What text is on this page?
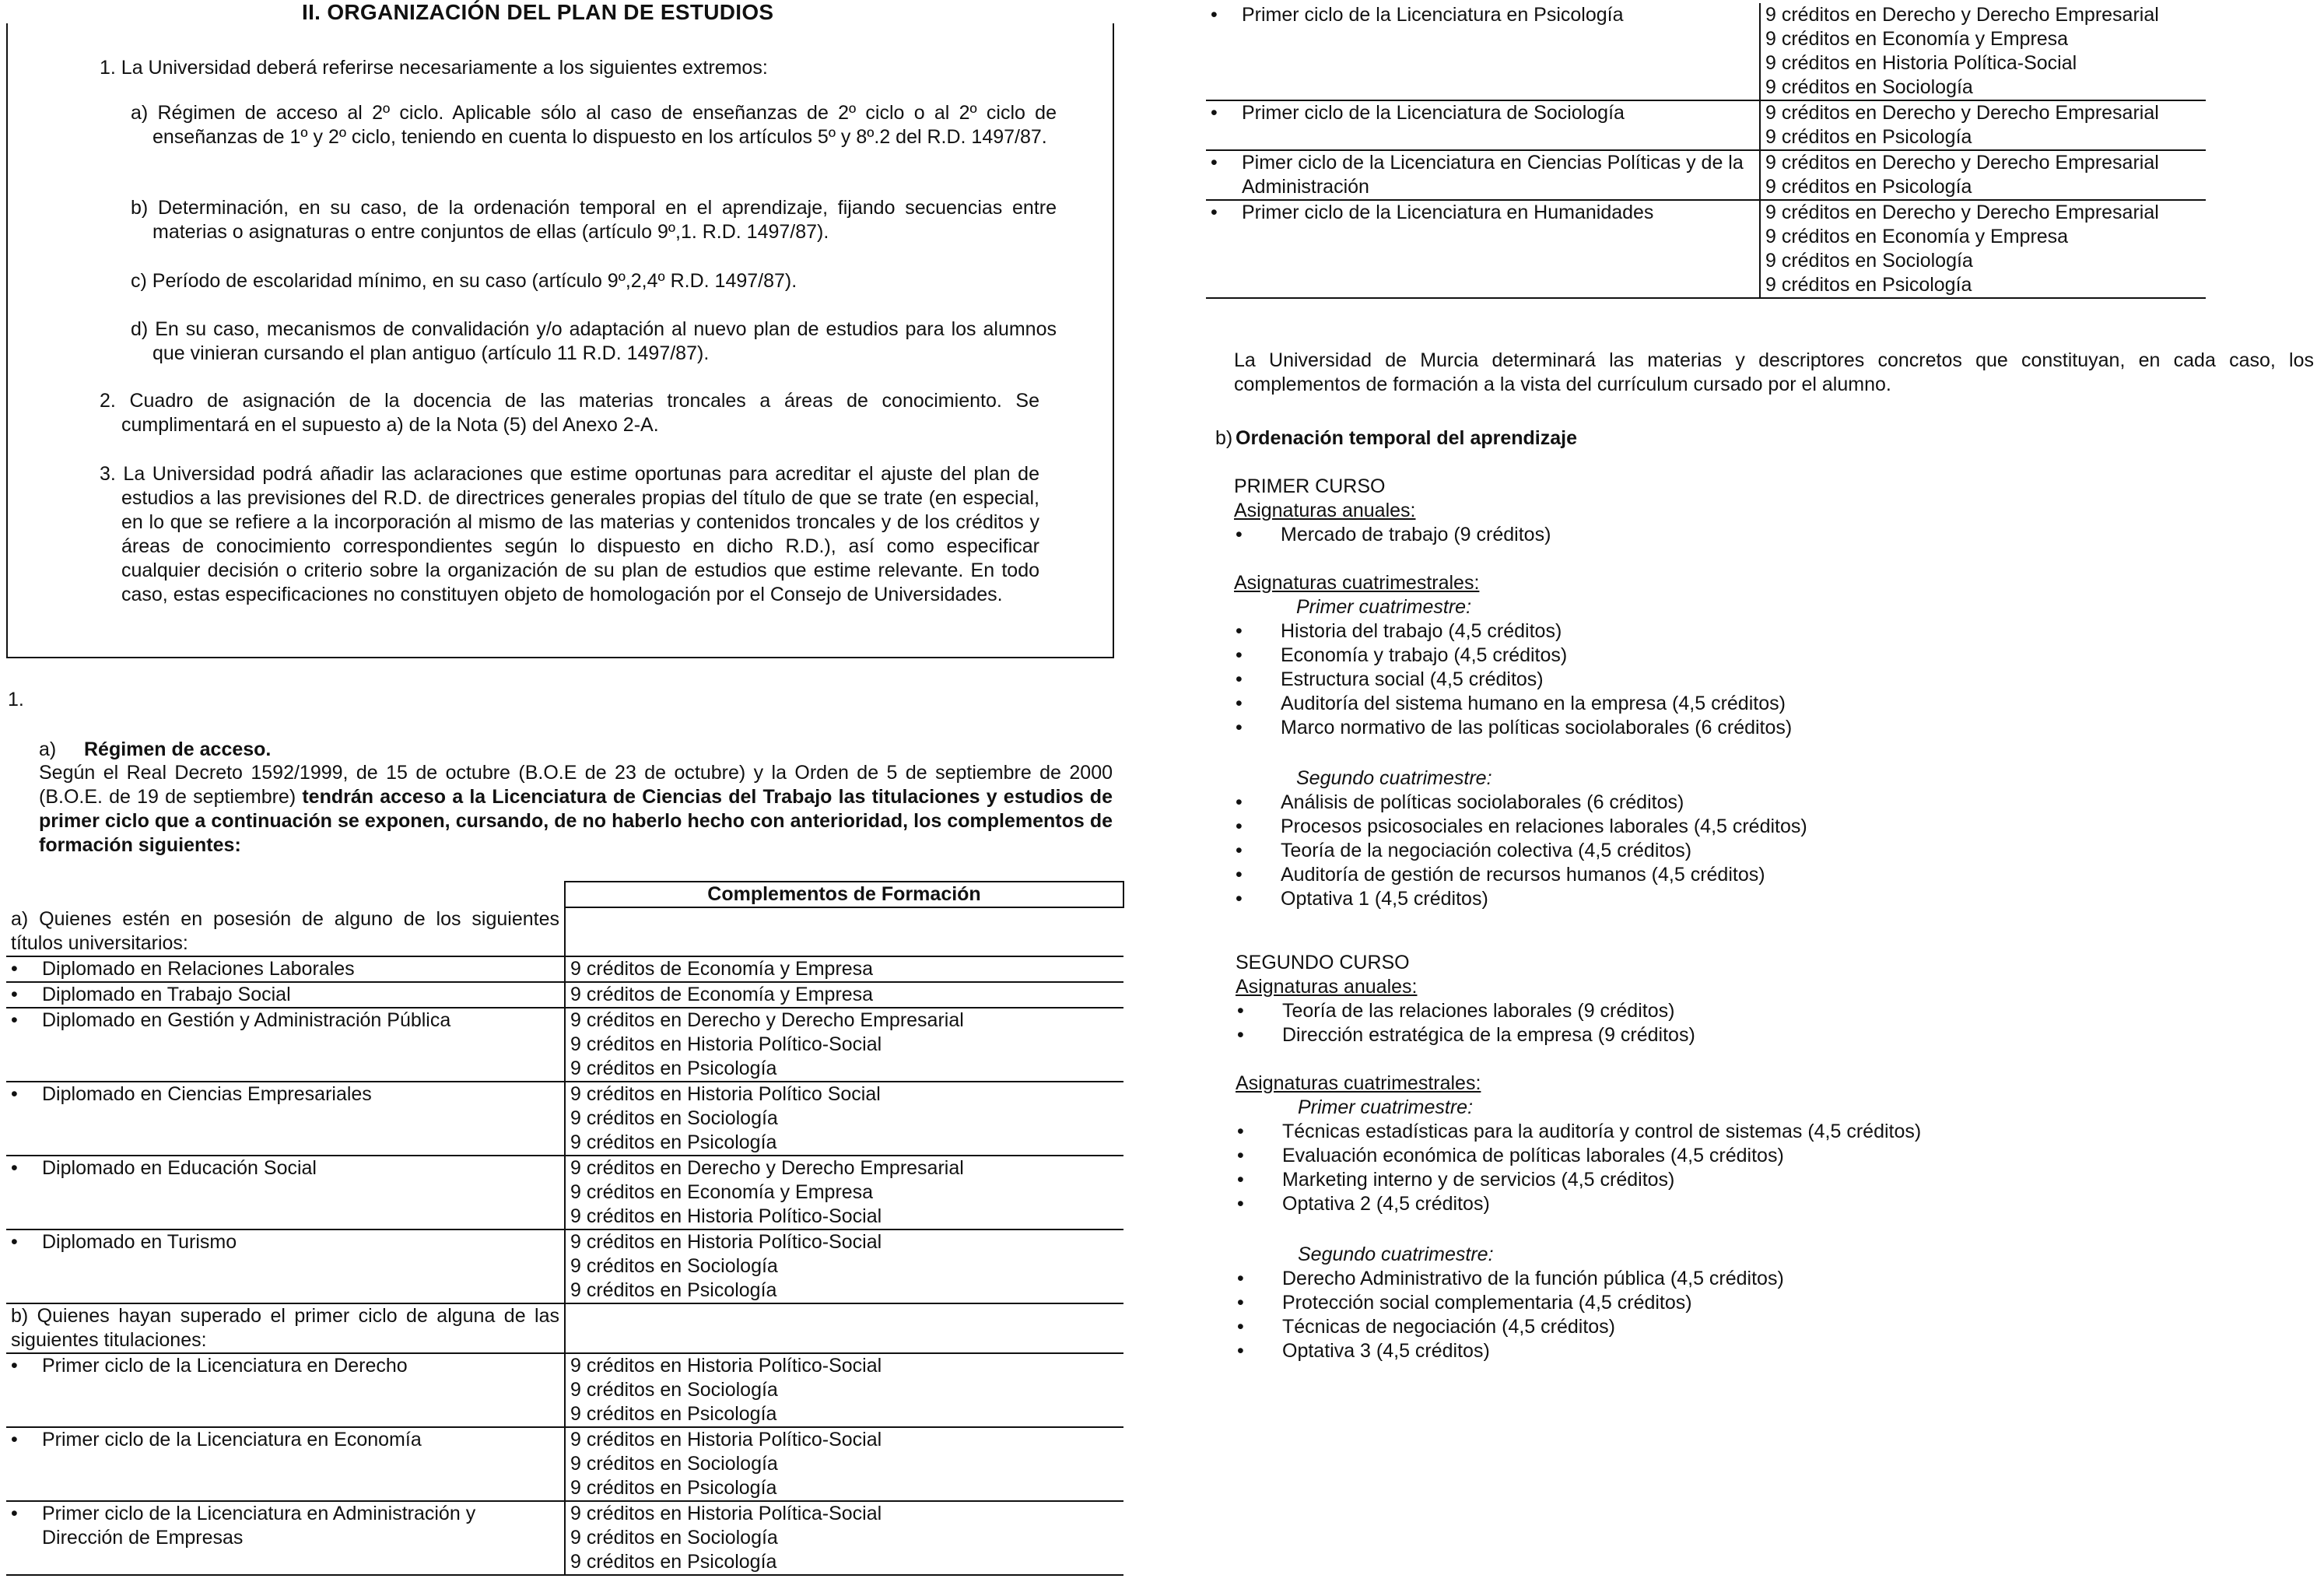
II. ORGANIZACIÓN DEL PLAN DE ESTUDIOS
1. La Universidad deberá referirse necesariamente a los siguientes extremos:
a) Régimen de acceso al 2º ciclo. Aplicable sólo al caso de enseñanzas de 2º ciclo o al 2º ciclo de enseñanzas de 1º y 2º ciclo, teniendo en cuenta lo dispuesto en los artículos 5º y 8º.2 del R.D. 1497/87.
b) Determinación, en su caso, de la ordenación temporal en el aprendizaje, fijando secuencias entre materias o asignaturas o entre conjuntos de ellas (artículo 9º,1. R.D. 1497/87).
c) Período de escolaridad mínimo, en su caso (artículo 9º,2,4º R.D. 1497/87).
d) En su caso, mecanismos de convalidación y/o adaptación al nuevo plan de estudios para los alumnos que vinieran cursando el plan antiguo (artículo 11 R.D. 1497/87).
2. Cuadro de asignación de la docencia de las materias troncales a áreas de conocimiento. Se cumplimentará en el supuesto a) de la Nota (5) del Anexo 2-A.
3. La Universidad podrá añadir las aclaraciones que estime oportunas para acreditar el ajuste del plan de estudios a las previsiones del R.D. de directrices generales propias del título de que se trate (en especial, en lo que se refiere a la incorporación al mismo de las materias y contenidos troncales y de los créditos y áreas de conocimiento correspondientes según lo dispuesto en dicho R.D.), así como especificar cualquier decisión o criterio sobre la organización de su plan de estudios que estime relevante. En todo caso, estas especificaciones no constituyen objeto de homologación por el Consejo de Universidades.
1.
a) Régimen de acceso.
Según el Real Decreto 1592/1999, de 15 de octubre (B.O.E de 23 de octubre) y la Orden de 5 de septiembre de 2000 (B.O.E. de 19 de septiembre) tendrán acceso a la Licenciatura de Ciencias del Trabajo las titulaciones y estudios de primer ciclo que a continuación se exponen, cursando, de no haberlo hecho con anterioridad, los complementos de formación siguientes:
	Complementos de Formación
a) Quienes estén en posesión de alguno de los siguientes títulos universitarios:	
• Diplomado en Relaciones Laborales	9 créditos de Economía y Empresa

• Diplomado en Trabajo Social	9 créditos de Economía y Empresa

• Diplomado en Gestión y Administración Pública	9 créditos en Derecho y Derecho Empresarial
9 créditos en Historia Político-Social
9 créditos en Psicología

• Diplomado en Ciencias Empresariales	9 créditos en Historia Político Social
9 créditos en Sociología
9 créditos en Psicología

• Diplomado en Educación Social	9 créditos en Derecho y Derecho Empresarial
9 créditos en Economía y Empresa
9 créditos en Historia Político-Social

• Diplomado en Turismo	9 créditos en Historia Político-Social
9 créditos en Sociología
9 créditos en Psicología

b) Quienes hayan superado el primer ciclo de alguna de las siguientes titulaciones:	
• Primer ciclo de la Licenciatura en Derecho	9 créditos en Historia Político-Social
9 créditos en Sociología
9 créditos en Psicología

• Primer ciclo de la Licenciatura en Economía	9 créditos en Historia Político-Social
9 créditos en Sociología
9 créditos en Psicología

• Primer ciclo de la Licenciatura en Administración y Dirección de Empresas	9 créditos en Historia Política-Social
9 créditos en Sociología
9 créditos en Psicología
• Primer ciclo de la Licenciatura en Psicología	9 créditos en Derecho y Derecho Empresarial
9 créditos en Economía y Empresa
9 créditos en Historia Política-Social
9 créditos en Sociología

• Primer ciclo de la Licenciatura de Sociología	9 créditos en Derecho y Derecho Empresarial
9 créditos en Psicología

• Pimer ciclo de la Licenciatura en Ciencias Políticas y de la Administración	9 créditos en Derecho y Derecho Empresarial
9 créditos en Psicología

• Primer ciclo de la Licenciatura en Humanidades	9 créditos en Derecho y Derecho Empresarial
9 créditos en Economía y Empresa
9 créditos en Sociología
9 créditos en Psicología
La Universidad de Murcia determinará las materias y descriptores concretos que constituyan, en cada caso, los complementos de formación a la vista del currículum cursado por el alumno.
b) Ordenación temporal del aprendizaje
PRIMER CURSO
Asignaturas anuales:
• Mercado de trabajo (9 créditos)
Asignaturas cuatrimestrales:
Primer cuatrimestre:
• Historia del trabajo (4,5 créditos)
• Economía y trabajo (4,5 créditos)
• Estructura social (4,5 créditos)
• Auditoría del sistema humano en la empresa (4,5 créditos)
• Marco normativo de las políticas sociolaborales (6 créditos)
Segundo cuatrimestre:
• Análisis de políticas sociolaborales (6 créditos)
• Procesos psicosociales en relaciones laborales (4,5 créditos)
• Teoría de la negociación colectiva (4,5 créditos)
• Auditoría de gestión de recursos humanos (4,5 créditos)
• Optativa 1 (4,5 créditos)
SEGUNDO CURSO
Asignaturas anuales:
• Teoría de las relaciones laborales (9 créditos)
• Dirección estratégica de la empresa (9 créditos)
Asignaturas cuatrimestrales:
Primer cuatrimestre:
• Técnicas estadísticas para la auditoría y control de sistemas (4,5 créditos)
• Evaluación económica de políticas laborales (4,5 créditos)
• Marketing interno y de servicios (4,5 créditos)
• Optativa 2 (4,5 créditos)
Segundo cuatrimestre:
• Derecho Administrativo de la función pública (4,5 créditos)
• Protección social complementaria (4,5 créditos)
• Técnicas de negociación (4,5 créditos)
• Optativa 3 (4,5 créditos)
